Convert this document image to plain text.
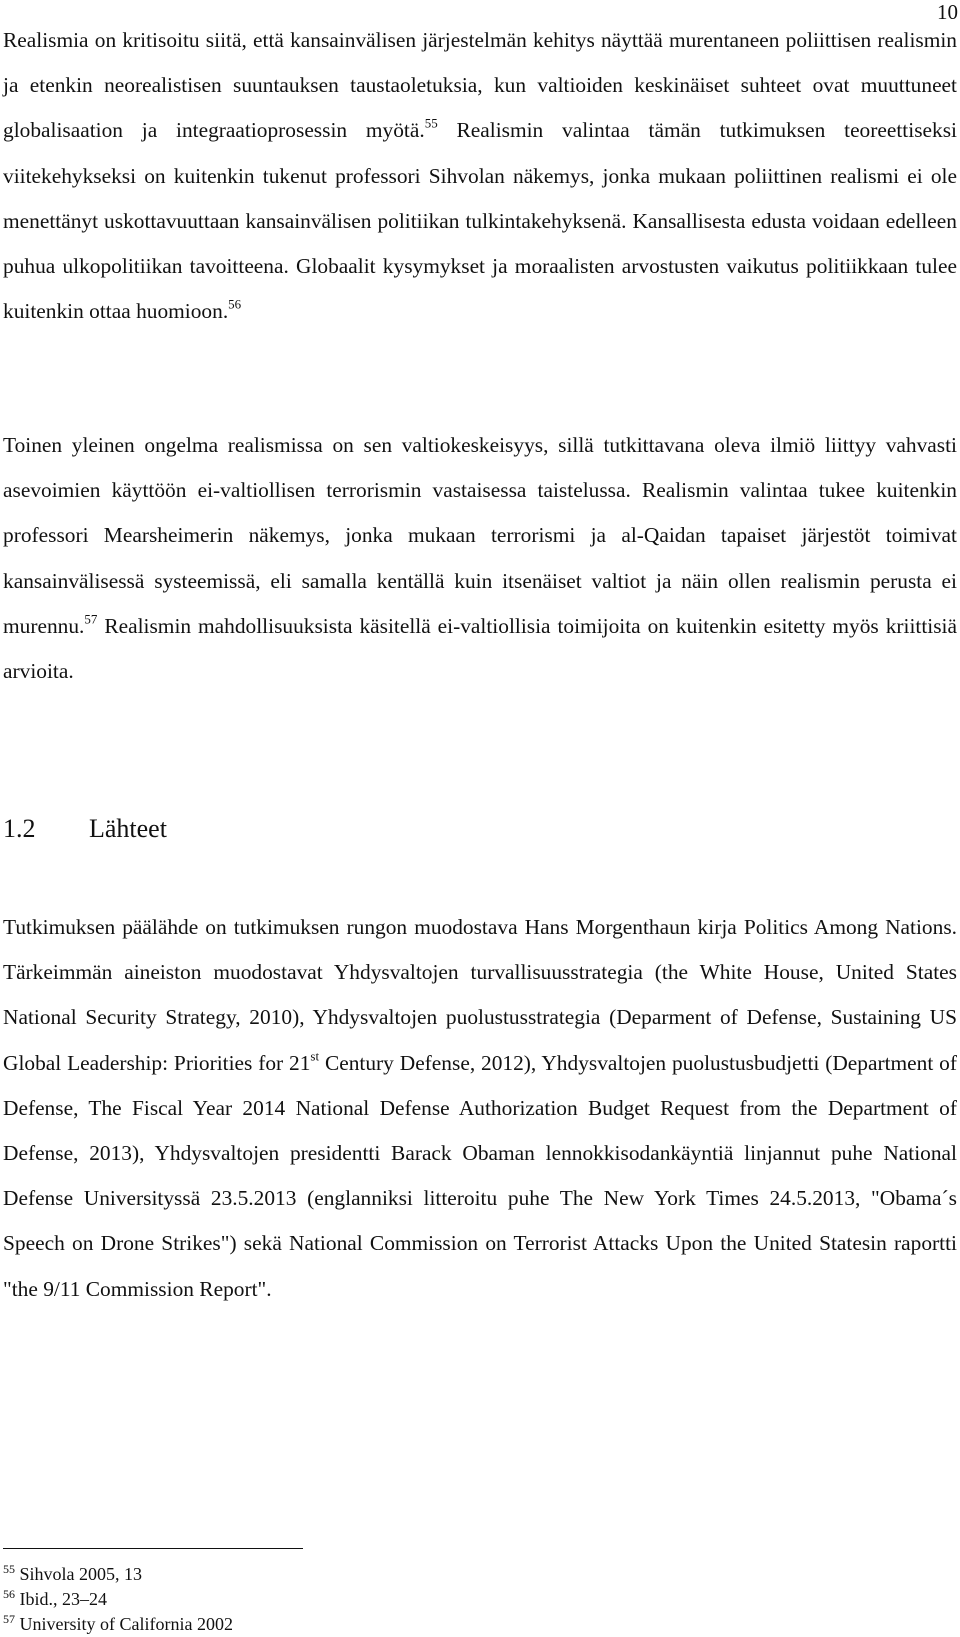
10

Realismia on kritisoitu siitä, että kansainvälisen järjestelmän kehitys näyttää murentaneen poliittisen realismin ja etenkin neorealistisen suuntauksen taustaoletuksia, kun valtioiden keskinäiset suhteet ovat muuttuneet globalisaation ja integraatioprosessin myötä.$^{55}$ Realismin valintaa tämän tutkimuksen teoreettiseksi viitekehykseksi on kuitenkin tukenut professori Sihvolan näkemys, jonka mukaan poliittinen realismi ei ole menettänyt uskottavuuttaan kansainvälisen politiikan tulkintakehyksenä. Kansallisesta edusta voidaan edelleen puhua ulkopolitiikan tavoitteena. Globaalit kysymykset ja moraalisten arvostusten vaikutus politiikkaan tulee kuitenkin ottaa huomioon.$^{56}$

Toinen yleinen ongelma realismissa on sen valtiokeskeisyys, sillä tutkittavana oleva ilmiö liittyy vahvasti asevoimien käyttöön ei-valtiollisen terrorismin vastaisessa taistelussa. Realismin valintaa tukee kuitenkin professori Mearsheimerin näkemys, jonka mukaan terrorismi ja al-Qaidan tapaiset järjestöt toimivat kansainvälisessä systeemissä, eli samalla kentällä kuin itsenäiset valtiot ja näin ollen realismin perusta ei murennu.$^{57}$ Realismin mahdollisuuksista käsitellä ei-valtiollisia toimijoita on kuitenkin esitetty myös kriittisiä arvioita.

1.2 Lähteet

Tutkimuksen päälähde on tutkimuksen rungon muodostava Hans Morgenthaun kirja Politics Among Nations. Tärkeimmän aineiston muodostavat Yhdysvaltojen turvallisuusstrategia (the White House, United States National Security Strategy, 2010), Yhdysvaltojen puolustusstrategia (Deparment of Defense, Sustaining US Global Leadership: Priorities for 21st Century Defense, 2012), Yhdysvaltojen puolustusbudjetti (Department of Defense, The Fiscal Year 2014 National Defense Authorization Budget Request from the Department of Defense, 2013), Yhdysvaltojen presidentti Barack Obaman lennokkisodankäyntiä linjannut puhe National Defense Universityssä 23.5.2013 (englanniksi litteroitu puhe The New York Times 24.5.2013, "Obama´s Speech on Drone Strikes") sekä National Commission on Terrorist Attacks Upon the United Statesin raportti "the 9/11 Commission Report".

$^{55}$ Sihvola 2005, 13
$^{56}$ Ibid., 23–24
$^{57}$ University of California 2002
